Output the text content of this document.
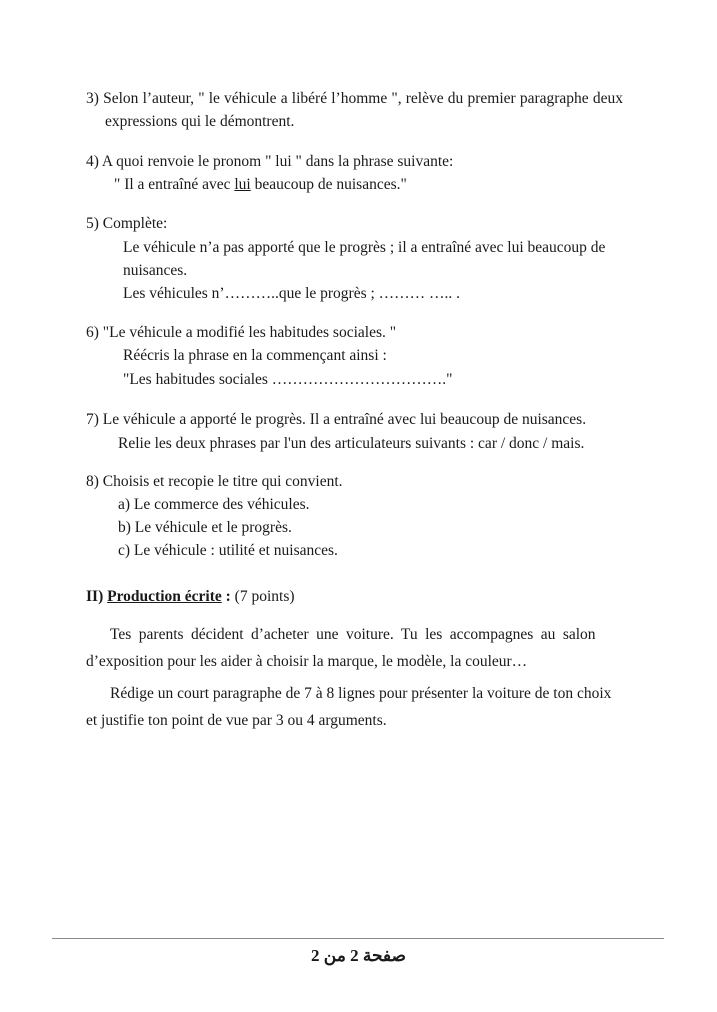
3) Selon l’auteur, " le véhicule a libéré l’homme ", relève du premier paragraphe deux
expressions qui le démontrent.
4) A quoi renvoie le pronom " lui " dans la phrase suivante:
" Il a entraîné avec lui beaucoup de nuisances."
5) Complète:
Le véhicule n’a pas apporté que le progrès ; il a entraîné avec lui beaucoup de
nuisances.
Les véhicules n’………..que le progrès ; ……… ….. .
6) "Le véhicule a modifié les habitudes sociales. "
Réécris la phrase en la commençant ainsi :
"Les habitudes sociales ……………………………."
7) Le véhicule a apporté le progrès. Il a entraîné avec lui beaucoup de nuisances.
Relie les deux phrases par l'un des articulateurs suivants : car / donc / mais.
8) Choisis et recopie le titre qui convient.
a) Le commerce des véhicules.
b) Le véhicule et le progrès.
c) Le véhicule : utilité et nuisances.
II) Production écrite : (7 points)
Tes parents décident d’acheter une voiture. Tu les accompagnes au salon
d’exposition pour les aider à choisir la marque, le modèle, la couleur…
Rédige un court paragraphe de 7 à 8 lignes pour présenter la voiture de ton choix
et justifie ton point de vue par 3 ou 4 arguments.
صفحة 2 من 2
